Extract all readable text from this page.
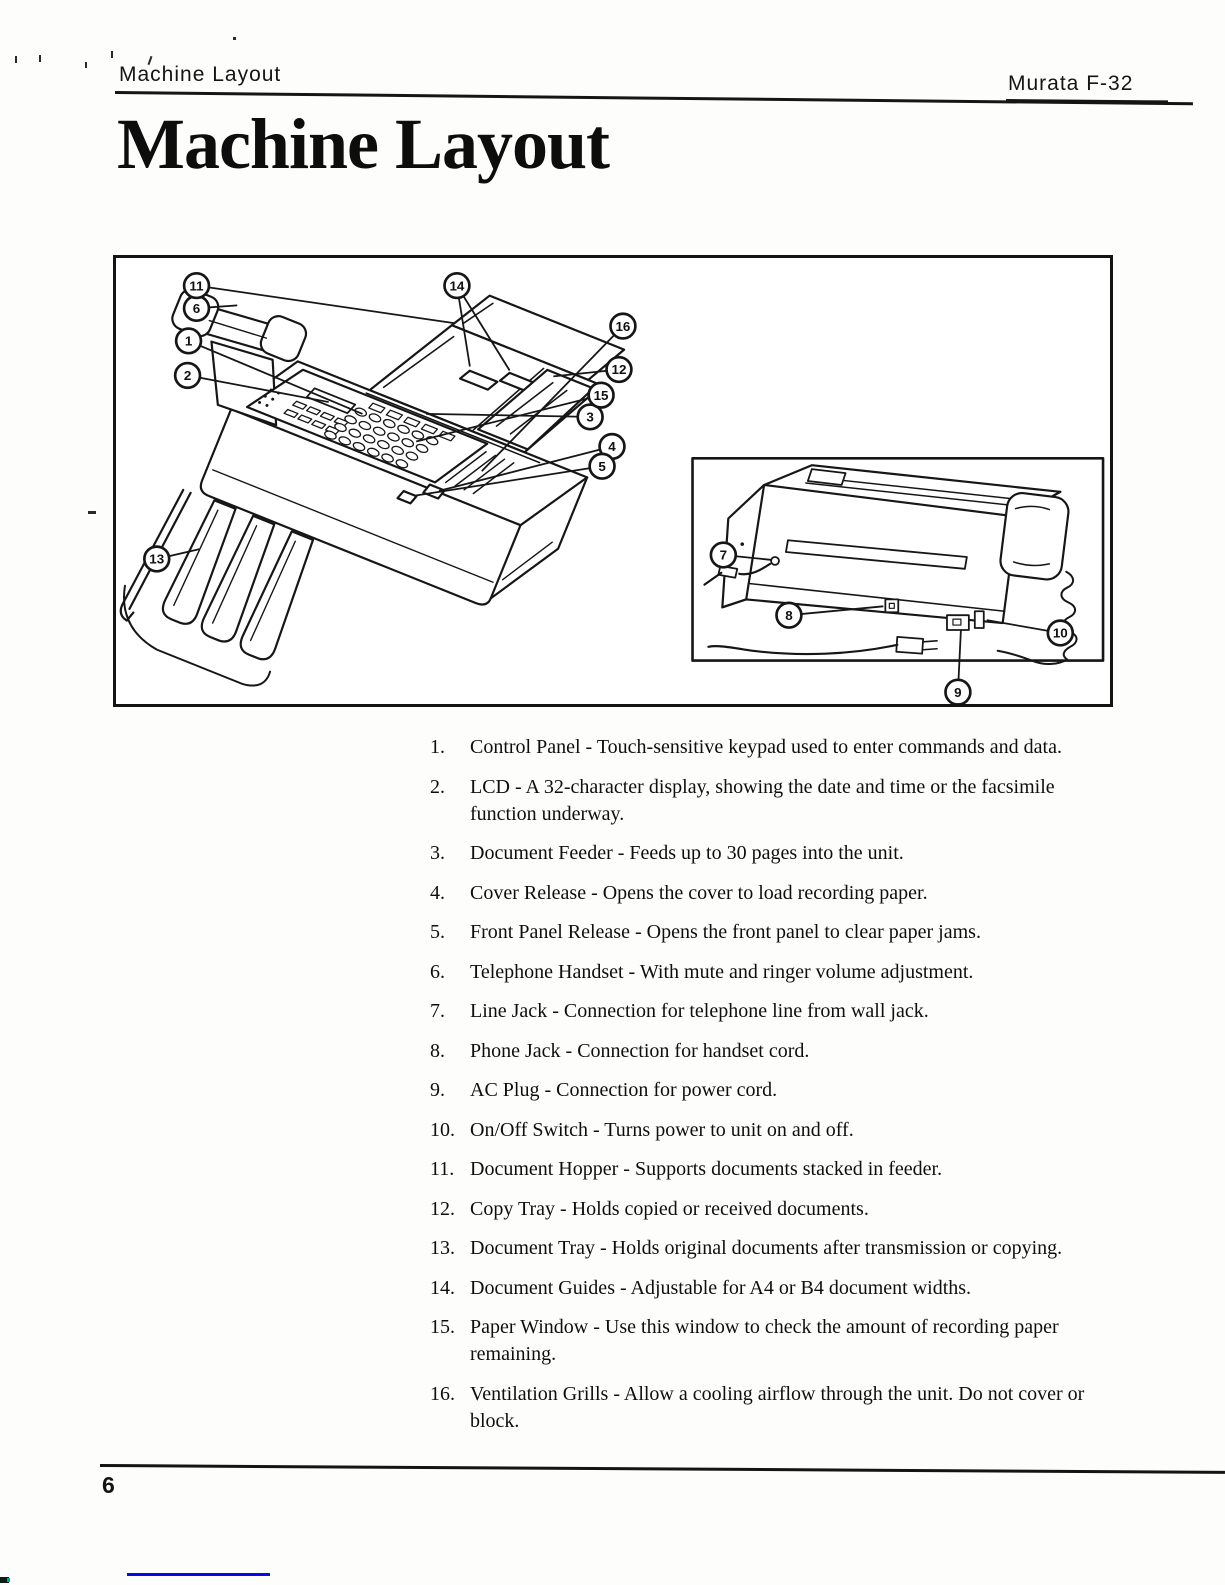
Machine Layout	Murata F-32
Machine Layout
1
2
3
4
5
6
7
8
9
10
11
12
13
14
15
16
1. Control Panel - Touch-sensitive keypad used to enter commands and data.
2. LCD - A 32-character display, showing the date and time or the facsimile function underway.
3. Document Feeder - Feeds up to 30 pages into the unit.
4. Cover Release - Opens the cover to load recording paper.
5. Front Panel Release - Opens the front panel to clear paper jams.
6. Telephone Handset - With mute and ringer volume adjustment.
7. Line Jack - Connection for telephone line from wall jack.
8. Phone Jack - Connection for handset cord.
9. AC Plug - Connection for power cord.
10. On/Off Switch - Turns power to unit on and off.
11. Document Hopper - Supports documents stacked in feeder.
12. Copy Tray - Holds copied or received documents.
13. Document Tray - Holds original documents after transmission or copying.
14. Document Guides - Adjustable for A4 or B4 document widths.
15. Paper Window - Use this window to check the amount of recording paper remaining.
16. Ventilation Grills - Allow a cooling airflow through the unit. Do not cover or block.
6
